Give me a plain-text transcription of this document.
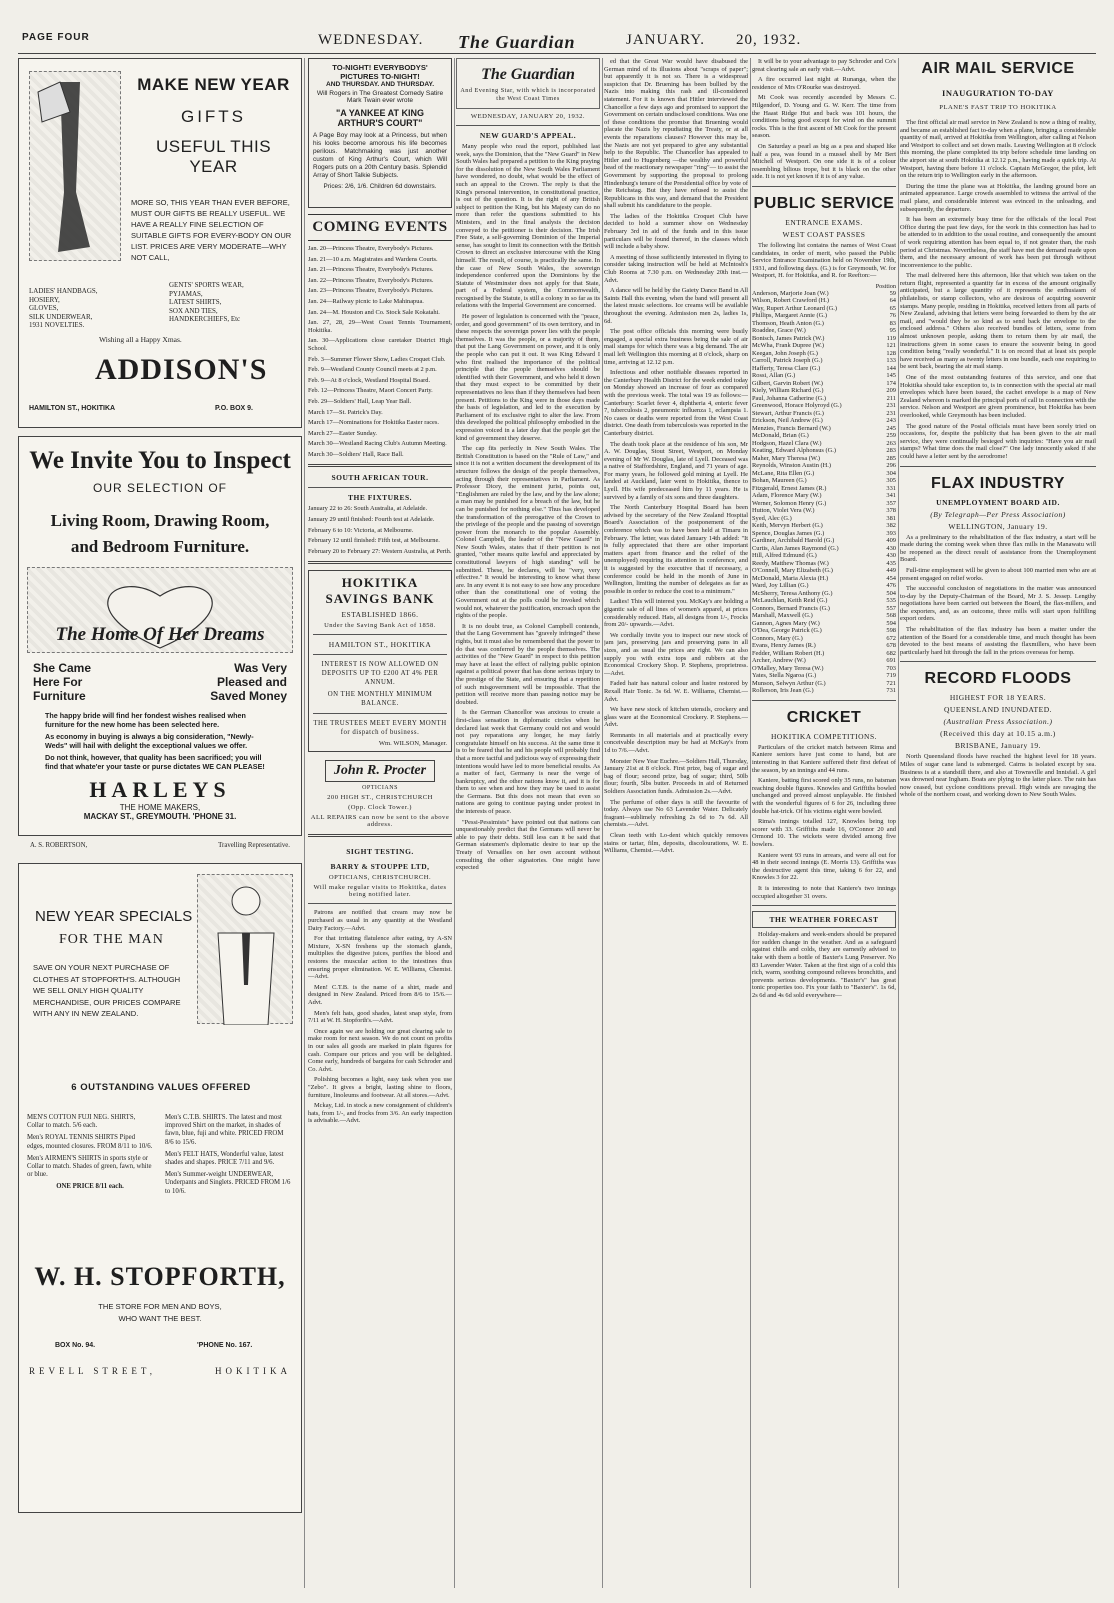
PAGE FOUR	WEDNESDAY. The Guardian	JANUARY. 20, 1932.
MAKE NEW YEAR
GIFTS
USEFUL THIS YEAR
MORE SO, THIS YEAR THAN EVER BEFORE, MUST OUR GIFTS BE REALLY USEFUL. WE HAVE A REALLY FINE SELECTION OF SUITABLE GIFTS FOR EVERY-BODY ON OUR LIST. PRICES ARE VERY MODERATE—WHY NOT CALL,
LADIES' HANDBAGS,
HOSIERY,
GLOVES,
SILK UNDERWEAR,
1931 NOVELTIES.
GENTS' SPORTS WEAR,
PYJAMAS,
LATEST SHIRTS,
SOX AND TIES,
HANDKERCHIEFS, Etc
Wishing all a Happy Xmas.
ADDISON'S
HAMILTON ST., HOKITIKA	P.O. BOX 9.
We Invite You to Inspect
OUR SELECTION OF
Living Room, Drawing Room,
and Bedroom Furniture.
The Home Of Her Dreams
She Came
Here For
Furniture
Was Very
Pleased and
Saved Money
The happy bride will find her fondest wishes realised when furniture for the new home has been selected here.
As economy in buying is always a big consideration, "Newly-Weds" will hail with delight the exceptional values we offer.
Do not think, however, that quality has been sacrificed; you will find that whate'er your taste or purse dictates WE CAN PLEASE!
HARLEYS
THE HOME MAKERS,
MACKAY ST., GREYMOUTH. 'PHONE 31.
A. S. ROBERTSON,	Travelling Representative.
NEW YEAR SPECIALS
FOR THE MAN
SAVE ON YOUR NEXT PURCHASE OF CLOTHES AT STOPFORTH'S. ALTHOUGH WE SELL ONLY HIGH QUALITY MERCHANDISE, OUR PRICES COMPARE WITH ANY IN NEW ZEALAND.
6 OUTSTANDING VALUES OFFERED
MEN'S COTTON FUJI NEG. SHIRTS, Collar to match. 5/6 each.
Men's ROYAL TENNIS SHIRTS Piped edges, mounted closures. FROM 8/11 to 10/6.
Men's AIRMEN'S SHIRTS in sports style or Collar to match. Shades of green, fawn, white or blue.
ONE PRICE 8/11 each.
Men's C.T.B. SHIRTS. The latest and most improved Shirt on the market, in shades of fawn, blue, fuji and white. PRICED FROM 8/6 to 15/6.
Men's FELT HATS, Wonderful value, latest shades and shapes. PRICE 7/11 and 9/6.
Men's Summer-weight UNDERWEAR, Underpants and Singlets. PRICED FROM 1/6 to 10/6.
W. H. STOPFORTH,
THE STORE FOR MEN AND BOYS,
WHO WANT THE BEST.
BOX No. 94.	'PHONE No. 167.
REVELL STREET,	HOKITIKA
TO-NIGHT! EVERYBODYS' PICTURES TO-NIGHT!
AND THURSDAY. AND THURSDAY.
Will Rogers in The Greatest Comedy Satire Mark Twain ever wrote
"A YANKEE AT KING ARTHUR'S COURT"
A Page Boy may look at a Princess, but when his looks become amorous his life becomes perilous. Matchmaking was just another custom of King Arthur's Court, which Will Rogers puts on a 20th Century basis. Splendid Array of Short Talkie Subjects.
Prices: 2/6, 1/6. Children 6d downstairs.
COMING EVENTS

Jan. 20—Princess Theatre, Everybody's Pictures.

Jan. 21—10 a.m. Magistrates and Wardens Courts.

Jan. 21—Princess Theatre, Everybody's Pictures.

Jan. 22—Princess Theatre, Everybody's Pictures.

Jan. 23—Princess Theatre, Everybody's Pictures.

Jan. 24—Railway picnic to Lake Mahinapua.

Jan. 24—M. Houston and Co. Stock Sale Kokatahi.

Jan. 27, 28, 29—West Coast Tennis Tournament, Hokitika.

Jan. 30—Applications close caretaker District High School.

Feb. 3—Summer Flower Show, Ladies Croquet Club.

Feb. 9—Westland County Council meets at 2 p.m.

Feb. 9—At 8 o'clock, Westland Hospital Board.

Feb. 12—Princess Theatre, Maori Concert Party.

Feb. 29—Soldiers' Hall, Leap Year Ball.

March 17—St. Patrick's Day.

March 17—Nominations for Hokitika Easter races.

March 27—Easter Sunday.

March 30—Westland Racing Club's Autumn Meeting.

March 30—Soldiers' Hall, Race Ball.

SOUTH AFRICAN TOUR.
THE FIXTURES.

January 22 to 26: South Australia, at Adelaide.

January 29 until finished: Fourth test at Adelaide.

February 6 to 10: Victoria, at Melbourne.

February 12 until finished: Fifth test, at Melbourne.

February 20 to February 27: Western Australia, at Perth.

HOKITIKA
SAVINGS BANK
ESTABLISHED 1866.
Under the Saving Bank Act of 1858.
HAMILTON ST., HOKITIKA
INTEREST IS NOW ALLOWED ON DEPOSITS UP TO £200 AT 4% PER ANNUM.
ON THE MONTHLY MINIMUM BALANCE.
THE TRUSTEES MEET EVERY MONTH for dispatch of business.
Wm. WILSON, Manager.
John R. Procter
OPTICIANS
200 HIGH ST., CHRISTCHURCH
(Opp. Clock Tower.)
ALL REPAIRS can now be sent to the above address.
SIGHT TESTING.
BARRY & STOUPPE LTD,
OPTICIANS, CHRISTCHURCH.
Will make regular visits to Hokitika, dates being notified later.

Patrons are notified that cream may now be purchased as usual in any quantity at the Westland Dairy Factory.—Advt.

For that irritating flatulence after eating, try A-SN Mixture, X-SN freshens up the stomach glands, multiplies the digestive juices, purifies the blood and restores the muscular action to the intestines thus ensuring proper elimination. W. E. Williams, Chemist.—Advt.

Men! C.T.B. is the name of a shirt, made and designed in New Zealand. Priced from 8/6 to 15/6.—Advt.

Men's felt hats, good shades, latest snap style, from 7/11 at W. H. Stopforth's.—Advt.

Once again we are holding our great clearing sale to make room for next season. We do not count on profits in our sales all goods are marked in plain figures for cash. Compare our prices and you will be delighted. Come early, hundreds of bargains for cash Schroder and Co. Advt.

Polishing becomes a light, easy task when you use "Zebo". It gives a bright, lasting shine to floors, furniture, linoleums and footwear. At all stores.—Advt.

Mckay, Ltd. in stock a new consignment of children's hats, from 1/-, and frocks from 3/6. An early inspection is advisable.—Advt.

The Guardian
And Evening Star, with which is incorporated the West Coast Times
WEDNESDAY, JANUARY 20, 1932.
NEW GUARD'S APPEAL.

Many people who read the report, published last week, says the Dominion, that the "New Guard" in New South Wales had prepared a petition to the King praying for the dissolution of the New South Wales Parliament have wondered, no doubt, what would be the effect of such an appeal to the Crown. The reply is that the King's personal intervention, in constitutional practice, is out of the question. It is the right of any British subject to petition the King, but his Majesty can do no more than refer the questions submitted to his Ministers, and in the final analysis the decision conveyed to the petitioner is their decision. The Irish Free State, a self-governing Dominion of the Imperial sense, has sought to limit its connection with the British Crown to direct an exclusive intercourse with the King himself. The result, of course, is practically the same. In the case of New South Wales, the sovereign independence conferred upon the Dominions by the Statute of Westminster does not apply for that State, part of a Federal system, the Commonwealth, recognised by the Statute, is still a colony in so far as its relations with the Imperial Government are concerned.

He power of legislation is concerned with the "peace, order, and good government" of its own territory, and in these respects the sovereign power lies with the people themselves. It was the people, or a majority of them, that put the Lang Government on power, and it is only the people who can put it out. It was King Edward I who first realised the importance of the political principle that the people themselves should be identified with their Government, and who held it down that they must expect to be committed by their representatives no less than if they themselves had been present. Petitions to the King were in those days made the basis of legislation, and led to the execution by Parliament of its exclusive right to alter the law. From this developed the political philosophy embodied in the expression voiced in a later day that the people get the kind of government they deserve.

The cap fits perfectly in New South Wales. The British Constitution is based on the "Rule of Law," and since it is not a written document the development of its structure follows the design of the people themselves, acting through their representatives in Parliament. As Professor Dicey, the eminent jurist, points out, "Englishmen are ruled by the law, and by the law alone; a man may be punished for a breach of the law, but he can be punished for nothing else." Thus has developed the transformation of the prerogative of the Crown to the privilege of the people and the passing of sovereign power from the monarch to the popular Assembly. Colonel Campbell, the leader of the "New Guard" in New South Wales, states that if their petition is not granted, "other means quite lawful and appreciated by constitutional lawyers of high standing" will be submitted. These, he declares, will be "very, very effective." It would be interesting to know what these are. In any event it is not easy to see how any procedure other than the constitutional one of voting the Government out at the polls could be invoked which would not, whatever the justification, encroach upon the rights of the people.

It is no doubt true, as Colonel Campbell contends, that the Lang Government has "gravely infringed" these rights, but it must also be remembered that the power to do that was conferred by the people themselves. The activities of the "New Guard" in respect to this petition may have at least the effect of rallying public opinion against a political power that has done serious injury to the prestige of the State, and ensuring that a repetition of such misgovernment will be impossible. That the petition will receive more than passing notice may be doubted.

Is the German Chancellor was anxious to create a first-class sensation in diplomatic circles when he declared last week that Germany could not and would not pay reparations any longer, he may fairly congratulate himself on his success. At the same time it is to be feared that he and his people will probably find that a more tactful and judicious way of expressing their intentions would have led to more beneficial results. As a matter of fact, Germany is near the verge of bankruptcy, and the other nations know it, and it is for them to see when and how they may be used to assist the Germans. But this does not mean that even so nations are going to continue paying under protest in the interests of peace.

"Pessi-Pessimists" have pointed out that nations can unquestionably predict that the Germans will never be able to pay their debts. Still less can it be said that German statesmen's diplomatic desire to tear up the Treaty of Versailles on her own account without consulting the other signatories. One might have expected

ed that the Great War would have disabused the German mind of its illusions about "scraps of paper"; but apparently it is not so. There is a widespread suspicion that Dr. Bruening has been bullied by the Nazis into making this rash and ill-considered statement. For it is known that Hitler interviewed the Chancellor a few days ago and promised to support the Government on certain undisclosed conditions. Was one of these conditions the promise that Bruening would placate the Nazis by repudiating the Treaty, or at all events the reparations clauses? However this may be, the Nazis are not yet prepared to give any substantial help to the Republic. The Chancellor has appealed to Hitler and to Hugenberg —the wealthy and powerful head of the reactionary newspaper "ring"— to assist the Government by supporting the proposal to prolong Hindenburg's tenure of the Presidential office by vote of the Reichstag. But they have refused to assist the Republicans in this way, and demand that the President shall submit his candidature to the people.

The ladies of the Hokitika Croquet Club have decided to hold a summer show on Wednesday February 3rd in aid of the funds and in this issue particulars will be found thereof, in the classes which will include a baby show.

A meeting of those sufficiently interested in flying to consider taking instruction will be held at McIntosh's Club Rooms at 7.30 p.m. on Wednesday 20th inst.—Advt.

A dance will be held by the Gaiety Dance Band in All Saints Hall this evening, when the band will present all the latest music selections. Ice creams will be available throughout the evening. Admission men 2s, ladies 1s, 6d.

The post office officials this morning were busily engaged, a special extra business being the sale of air mail stamps for which there was a big demand. The air mail left Wellington this morning at 8 o'clock, sharp on time, arriving at 12.12 p.m.

Infectious and other notifiable diseases reported in the Canterbury Health District for the week ended today on Monday showed an increase of four as compared with the previous week. The total was 19 as follows:— Canterbury: Scarlet fever 4, diphtheria 4, enteric fever 7, tuberculosis 2, pneumonic influenza 1, eclampsia 1. No cases or deaths were reported from the West Coast district. One death from tuberculosis was reported in the Canterbury district.

The death took place at the residence of his son, Mr A. W. Douglas, Stout Street, Westport, on Monday evening of Mr W. Douglas, late of Lyell. Deceased was a native of Staffordshire, England, and 71 years of age. For many years, he followed gold mining at Lyell. He landed at Auckland, later went to Hokitika, thence to Lyell. His wife predeceased him by 11 years. He is survived by a family of six sons and three daughters.

The North Canterbury Hospital Board has been advised by the secretary of the New Zealand Hospital Board's Association of the postponement of the conference which was to have been held at Timaru in February. The letter, was dated January 14th added: "It is fully appreciated that there are other important matters apart from finance and the relief of the unemployed) requiring its attention in conference, and it is suggested by the executive that if necessary, a conference could be held in the month of June in Wellington, limiting the number of delegates as far as possible in order to reduce the cost to a minimum."

Ladies! This will interest you. McKay's are holding a gigantic sale of all lines of women's apparel, at prices considerably reduced. Hats, all designs from 1/-, Frocks from 20/- upwards.—Advt.

We cordially invite you to inspect our new stock of jam jars, preserving jars and preserving pans in all sizes, and as usual the prices are right. We can also supply you with extra tops and rubbers at the Economical Crockery Shop. P. Stephens, proprietress. —Advt.

Faded hair has natural colour and lustre restored by Rexall Hair Tonic. 3s 6d. W. E. Williams, Chemist.— Advt.

We have new stock of kitchen utensils, crockery and glass ware at the Economical Crockery. P. Stephens.—Advt.

Remnants in all materials and at practically every conceivable description may be had at McKay's from 1d to 7/6.—Advt.

Monster New Year Euchre.—Soldiers Hall, Thursday, January 21st at 8 o'clock. First prize, bag of sugar and bag of flour; second prize, bag of sugar; third, 50lb flour; fourth, 5lbs butter. Proceeds in aid of Returned Soldiers Association funds. Admission 2s.—Advt.

The perfume of other days is still the favourite of today. Always use No 63 Lavender Water. Delicately fragrant—sublimely refreshing 2s 6d to 7s 6d. All chemists.—Advt.

Clean teeth with Lo-dent which quickly removes stains or tartar, film, deposits, discolourations, W. E. Williams, Chemist.—Advt.

It will be to your advantage to pay Schroder and Co's great clearing sale an early visit.—Advt.

A fire occurred last night at Runanga, when the residence of Mrs O'Rourke was destroyed.

Mt Cook was recently ascended by Messrs C. Hilgendorf, D. Young and G. W. Kerr. The time from the Haast Ridge Hut and back was 101 hours, the conditions being good except for wind on the summit rocks. This is the first ascent of Mt Cook for the present season.

On Saturday a pearl as big as a pea and shaped like half a pea, was found in a mussel shell by Mr Bert Mitchell of Westport. On one side it is of a colour resembling bilious trope, but it is black on the other side. It is not yet known if it is of any value.

PUBLIC SERVICE
ENTRANCE EXAMS.
WEST COAST PASSES

The following list contains the names of West Coast candidates, in order of merit, who passed the Public Service Entrance Examination held on November 19th, 1931, and following days. (G.) is for Greymouth, W. for Westport, H. for Hokitika, and R. for Reefton:—

Position
Anderson, Marjorie Joan (W.)	59
Wilson, Robert Crawford (H.)	64
Way, Rupert Arthur Leonard (G.)	65
Phillips, Margaret Annie (G.)	76
Thomson, Heath Anton (G.)	83
Roaddee, Grace (W.)	95
Bonisch, James Patrick (W.)	119
McWha, Frank Dupree (W.)	121
Keegan, John Joseph (G.)	128
Carroll, Patrick Joseph (G.)	133
Hafferty, Teresa Clare (G.)	144
Rossi, Allan (G.)	145
Gilbert, Garvin Robert (W.)	174
Kiely, William Richard (G.)	209
Paul, Johanna Catherine (G.)	211
Greenwood, Horace Holyroyd (G.)	231
Stewart, Arthur Francis (G.)	231
Erickson, Neil Andrew (G.)	243
Menzies, Francis Bernard (W.)	245
McDonald, Brian (G.)	259
Hodgson, Hazel Clara (W.)	263
Keating, Edward Alphonsus (G.)	283
Maher, Mary Theresa (W.)	285
Reynolds, Winston Austin (H.)	296
McLane, Rita Ellen (G.)	304
Bohan, Maureen (G.)	305
Fitzgerald, Ernest James (R.)	331
Adam, Florence Mary (W.)	341
Werner, Solomon Henry (G.)	357
Hutton, Violet Vera (W.)	378
Syed, Alec (G.)	381
Keith, Mervyn Herbert (G.)	382
Spence, Douglas James (G.)	393
Gardiner, Archibald Harold (G.)	409
Curtis, Alan James Raymond (G.)	430
Hill, Alfred Edmund (G.)	430
Reedy, Matthew Thomas (W.)	435
O'Connell, Mary Elizabeth (G.)	449
McDonald, Maria Alexia (H.)	454
Ward, Joy Lillian (G.)	476
McSherry, Teresa Anthony (G.)	504
McLauchlan, Keith Reid (G.)	535
Connors, Bernard Francis (G.)	557
Marshall, Maxwell (G.)	568
Gannon, Agnes Mary (W.)	594
O'Dea, George Patrick (G.)	598
Connors, Mary (G.)	672
Evans, Henry James (R.)	678
Fedder, William Robert (H.)	682
Archer, Andrew (W.)	691
O'Malley, Mary Teresa (W.)	703
Yates, Stella Ngaroa (G.)	719
Munson, Selwyn Arthur (G.)	721
Rollerson, Iris Jean (G.)	731
CRICKET
HOKITIKA COMPETITIONS.

Particulars of the cricket match between Rima and Kaniere seniors have just come to hand, but are interesting in that Kaniere suffered their first defeat of the season, by an innings and 44 runs.

Kaniere, batting first scored only 35 runs, no batsman reaching double figures. Knowles and Griffiths bowled unchanged and proved almost unplayable. He finished with the wonderful figures of 6 for 26, including three double hat-trick. Of his victims eight were bowled.

Rima's innings totalled 127, Knowles being top scorer with 33. Griffiths made 16, O'Connor 20 and Ormond 10. The wickets were divided among five bowlers.

Kaniere went 93 runs in arrears, and were all out for 48 in their second innings (E. Morris 13). Griffiths was the destructive agent this time, taking 6 for 22, and Knowles 3 for 22.

It is interesting to note that Kaniere's two innings occupied altogether 31 overs.

THE WEATHER FORECAST

Holiday-makers and week-enders should be prepared for sudden change in the weather. And as a safeguard against chills and colds, they are earnestly advised to take with them a bottle of Baxter's Lung Preserver. No 83 Lavender Water. Taken at the first sign of a cold this rich, warm, soothing compound relieves bronchitis, and prevents serious developments. "Baxter's" has great tonic properties too. Fix your faith to "Baxter's". 1s 6d, 2s 6d and 4s 6d sold everywhere—

AIR MAIL SERVICE
INAUGURATION TO-DAY
PLANE'S FAST TRIP TO HOKITIKA

The first official air mail service in New Zealand is now a thing of reality, and became an established fact to-day when a plane, bringing a considerable quantity of mail, arrived at Hokitika from Wellington, after calling at Nelson and Westport to collect and set down mails. Leaving Wellington at 8 o'clock this morning, the plane completed its trip before schedule time landing on the airport site at south Hokitika at 12.12 p.m., having made a quick trip. At Westport, having there before 11 o'clock. Captain McGregor, the pilot, left on the return trip to Wellington early in the afternoon.

During the time the plane was at Hokitika, the landing ground bore an animated appearance. Large crowds assembled to witness the arrival of the mail plane, and considerable interest was evinced in the unloading, and subsequently, the departure.

It has been an extremely busy time for the officials of the local Post Office during the past few days, for the work in this connection has had to be attended to in addition to the usual routine, and consequently the amount of work requiring attention has been equal to, if not greater than, the rush period at Christmas. Nevertheless, the staff have met the demand made upon them, and the necessary amount of work has been put through without inconvenience to the public.

The mail delivered here this afternoon, like that which was taken on the return flight, represented a quantity far in excess of the amount originally anticipated, but a large quantity of it represents the enthusiasm of philatelists, or stamp collectors, who are desirous of acquiring souvenir stamps. Many people, residing in Hokitika, received letters from all parts of New Zealand, advising that letters were being forwarded to them by the air mail, and "would they be so kind as to send back the envelope to the enclosed address." Others also received bundles of letters, some from almost unknown people, asking them to return them by air mail, the instructions given in some cases to ensure the souvenir being in good condition being "really wonderful." It is on record that at least six people have received as many as twenty letters in one bundle, each one requiring to be sent back, bearing the air mail stamp.

One of the most outstanding features of this service, and one that Hokitika should take exception to, is in connection with the special air mail envelopes which have been issued, the cachet envelope is a map of New Zealand whereon is marked the principal ports of call in connection with the service. Nelson and Westport are given prominence, but Hokitika has been overlooked, while Greymouth has been included.

The good nature of the Postal officials must have been sorely tried on occasions, for, despite the publicity that has been given to the air mail service, they were continually besieged with inquiries: "Have you air mail stamps? What time does the mail close?" One lady innocently asked if she could have a letter sent by the aerodrome!

FLAX INDUSTRY
UNEMPLOYMENT BOARD AID.
(By Telegraph—Per Press Association)
WELLINGTON, January 19.

As a preliminary to the rehabilitation of the flax industry, a start will be made during the coming week when three flax mills in the Manawatu will be reopened as the direct result of assistance from the Unemployment Board.

Full-time employment will be given to about 100 married men who are at present engaged on relief works.

The successful conclusion of negotiations in the matter was announced to-day by the Deputy-Chairman of the Board, Mr J. S. Jessep. Lengthy negotiations have been carried out between the Board, the flax-millers, and the exporters, and, as an outcome, three mills will start upon fulfilling export orders.

The rehabilitation of the flax industry has been a matter under the attention of the Board for a considerable time, and much thought has been devoted to the best means of assisting the flaxmillers, who have been particularly hard hit through the fall in the prices overseas for hemp.

RECORD FLOODS
HIGHEST FOR 18 YEARS.
QUEENSLAND INUNDATED.
(Australian Press Association.)
(Received this day at 10.15 a.m.)
BRISBANE, January 19.

North Queensland floods have reached the highest level for 18 years. Miles of sugar cane land is submerged. Cairns is isolated except by sea. Business is at a standstill there, and also at Townsville and Innisfail. A girl was drowned near Ingham. Boats are plying to the latter place. The rain has now ceased, but cyclone conditions prevail. High winds are ravaging the whole of the northern coast, and working down to New South Wales.
